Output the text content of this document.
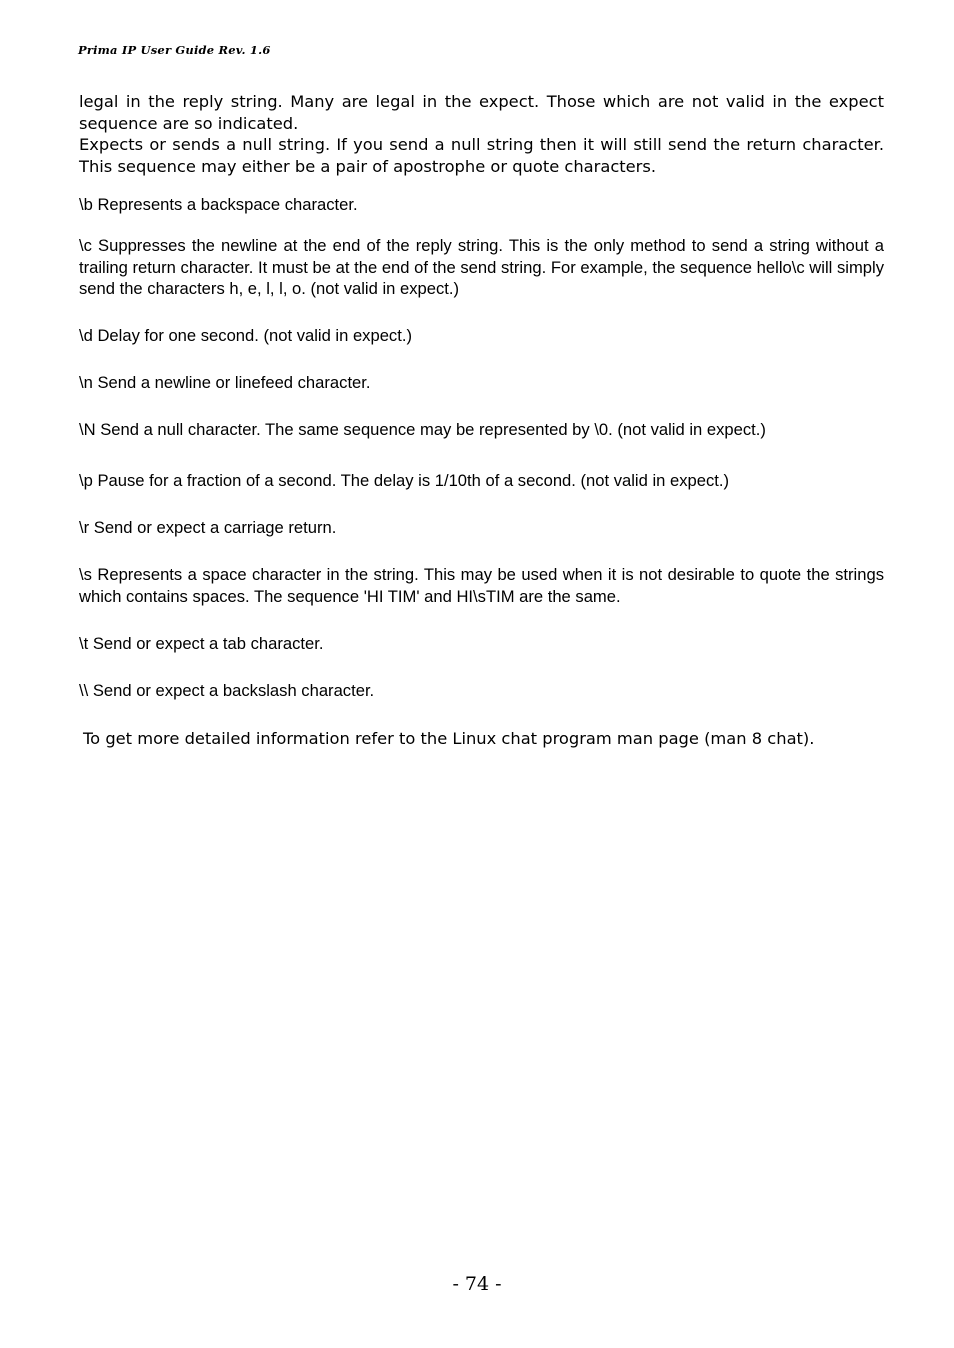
Prima IP User Guide Rev. 1.6

legal in the reply string. Many are legal in the expect. Those which are not valid in the expect sequence are so indicated.

Expects or sends a null string. If you send a null string then it will still send the return character. This sequence may either be a pair of apostrophe or quote characters.

\b Represents a backspace character.

\c Suppresses the newline at the end of the reply string. This is the only method to send a string without a trailing return character. It must be at the end of the send string. For example, the sequence hello\c will simply send the characters h, e, l, l, o. (not valid in expect.)

\d Delay for one second. (not valid in expect.)

\n Send a newline or linefeed character.

\N Send a null character. The same sequence may be represented by \0. (not valid in expect.)

\p Pause for a fraction of a second. The delay is 1/10th of a second. (not valid in expect.)

\r Send or expect a carriage return.

\s Represents a space character in the string. This may be used when it is not desirable to quote the strings which contains spaces. The sequence 'HI TIM' and HI\sTIM are the same.

\t Send or expect a tab character.

\\ Send or expect a backslash character.

To get more detailed information refer to the Linux chat program man page (man 8 chat).

- 74 -
